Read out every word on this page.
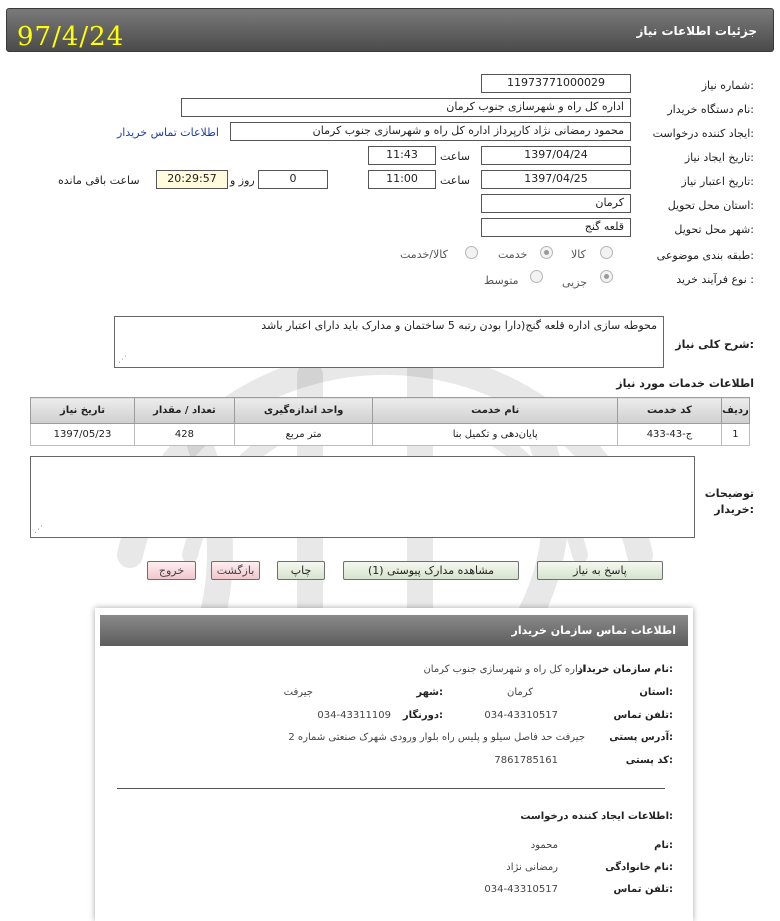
97/4/24	جزئیات اطلاعات نیاز
شماره نیاز:
11973771000029
نام دستگاه خریدار:
اداره کل راه و شهرسازی جنوب کرمان
ایجاد کننده درخواست:
محمود رمضانی نژاد کارپرداز اداره کل راه و شهرسازی جنوب کرمان
اطلاعات تماس خریدار
تاریخ ایجاد نیاز:
1397/04/24
ساعت
11:43
تاریخ اعتبار نیاز:
1397/04/25
ساعت
11:00
0
روز و
20:29:57
ساعت باقی مانده
استان محل تحویل:
کرمان
شهر محل تحویل:
قلعه گنج
طبقه بندی موضوعی:
کالا
خدمت
کالا/خدمت
نوع فرآیند خرید :
جزیی
متوسط
شرح کلی نیاز:
محوطه سازی اداره قلعه گنج(دارا بودن رتبه 5 ساختمان و مدارک باید دارای اعتبار باشد
⋰
اطلاعات خدمات مورد نیاز
ردیف	کد خدمت	نام خدمت	واحد اندازه‌گیری	تعداد / مقدار	تاریخ نیاز
1	ج-43-433	پایان‌دهی و تکمیل بنا	متر مربع	428	1397/05/23
توضیحات
خریدار:
⋰
پاسخ به نیاز
مشاهده مدارک پیوستی (1)
چاپ
بازگشت
خروج
اطلاعات تماس سازمان خریدار
نام سازمان خریدار:
اداره کل راه و شهرسازی جنوب کرمان
استان:
کرمان
شهر:
جیرفت
تلفن تماس:
034-43310517
دورنگار:
034-43311109
آدرس پستی:
جیرفت حد فاصل سیلو و پلیس راه بلوار ورودی شهرک صنعتی شماره 2
کد پستی:
7861785161
اطلاعات ایجاد کننده درخواست:
نام:
محمود
نام خانوادگی:
رمضانی نژاد
تلفن تماس:
034-43310517
